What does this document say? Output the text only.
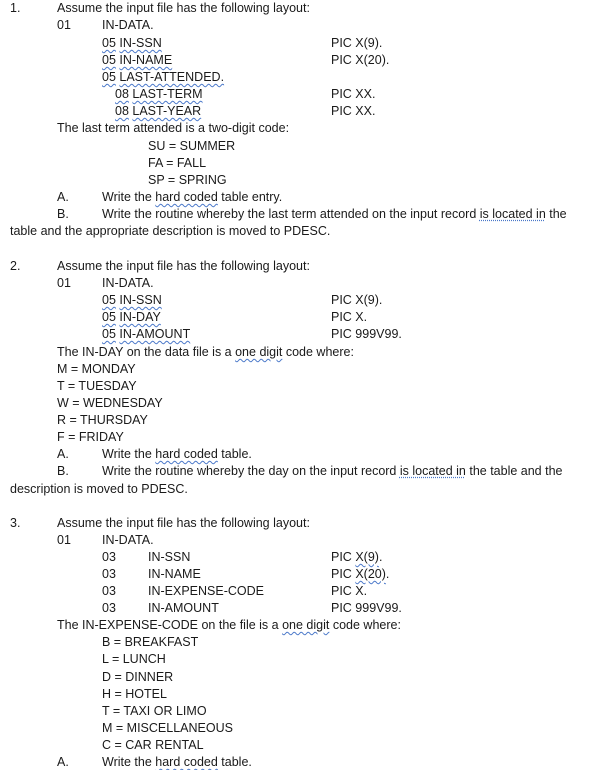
1.	Assume the input file has the following layout:
01 IN-DATA.
05 IN-SSN	PIC X(9).
05 IN-NAME	PIC X(20).
05 LAST-ATTENDED.
08 LAST-TERM	PIC XX.
08 LAST-YEAR	PIC XX.
The last term attended is a two-digit code:
SU = SUMMER
FA = FALL
SP = SPRING
A.	Write the hard coded table entry.
B.	Write the routine whereby the last term attended on the input record is located in the
table and the appropriate description is moved to PDESC.
2.	Assume the input file has the following layout:
01 IN-DATA.
05 IN-SSN	PIC X(9).
05 IN-DAY	PIC X.
05 IN-AMOUNT	PIC 999V99.
The IN-DAY on the data file is a one digit code where:
M = MONDAY
T = TUESDAY
W = WEDNESDAY
R = THURSDAY
F = FRIDAY
A.	Write the hard coded table.
B.	Write the routine whereby the day on the input record is located in the table and the
description is moved to PDESC.
3.	Assume the input file has the following layout:
01 IN-DATA.
03	IN-SSN	PIC X(9).
03	IN-NAME	PIC X(20).
03	IN-EXPENSE-CODE	PIC X.
03	IN-AMOUNT	PIC 999V99.
The IN-EXPENSE-CODE on the file is a one digit code where:
B = BREAKFAST
L = LUNCH
D = DINNER
H = HOTEL
T = TAXI OR LIMO
M = MISCELLANEOUS
C = CAR RENTAL
A.	Write the hard coded table.
